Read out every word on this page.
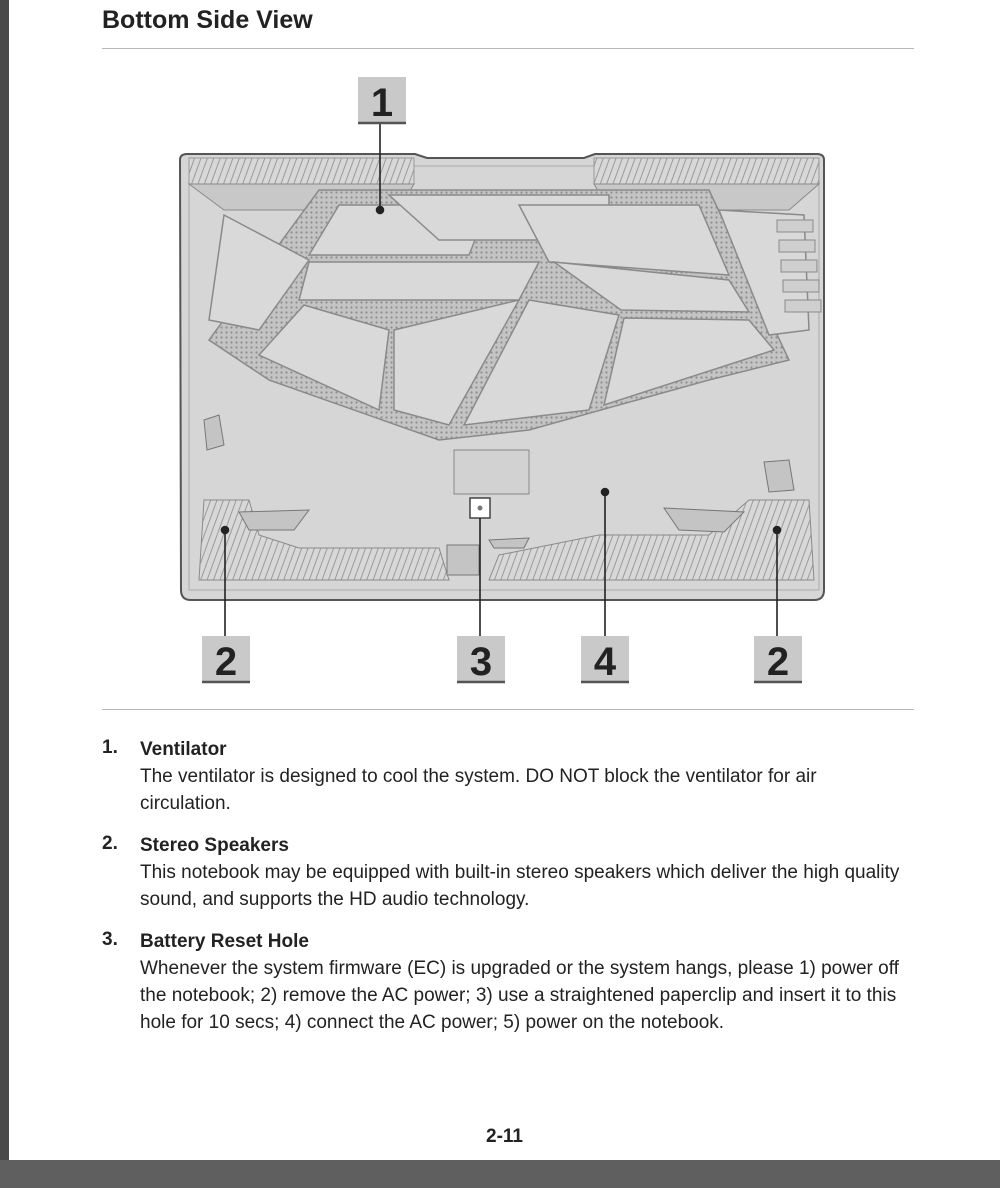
Bottom Side View
1
2	3	4	2
1. Ventilator
The ventilator is designed to cool the system. DO NOT block the ventilator for air circulation.
2. Stereo Speakers
This notebook may be equipped with built-in stereo speakers which deliver the high quality sound, and supports the HD audio technology.
3. Battery Reset Hole
Whenever the system firmware (EC) is upgraded or the system hangs, please 1) power off the notebook; 2) remove the AC power; 3) use a straightened paperclip and insert it to this hole for 10 secs; 4) connect the AC power; 5) power on the notebook.
2-11
